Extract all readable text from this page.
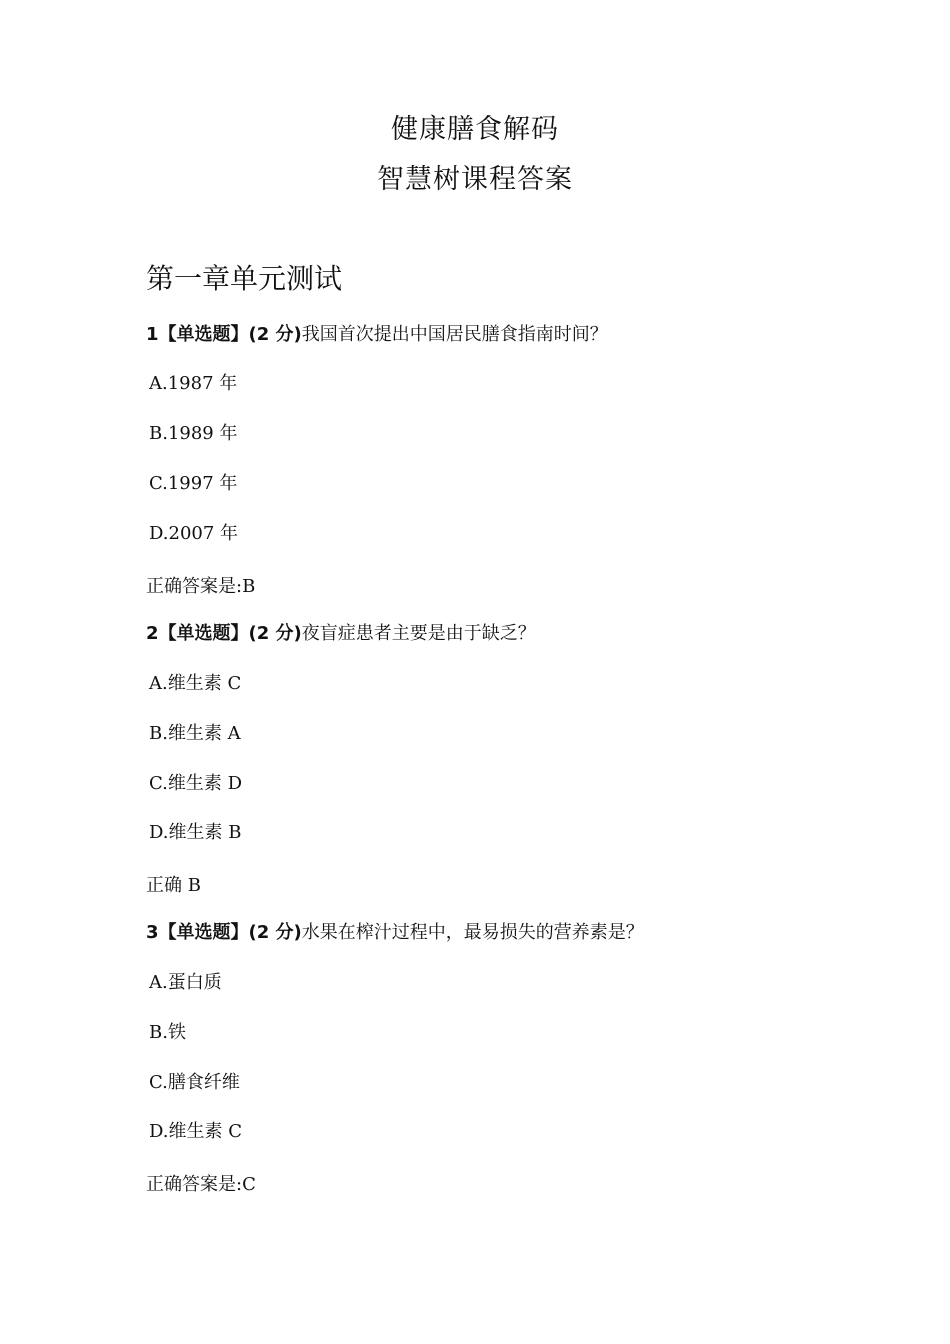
健康膳食解码
智慧树课程答案
第一章单元测试
1【单选题】(2 分)我国首次提出中国居民膳食指南时间？
A.1987 年
B.1989 年
C.1997 年
D.2007 年
正确答案是:B
2【单选题】(2 分)夜盲症患者主要是由于缺乏？
A.维生素 C
B.维生素 A
C.维生素 D
D.维生素 B
正确 B
3【单选题】(2 分)水果在榨汁过程中，最易损失的营养素是？
A.蛋白质
B.铁
C.膳食纤维
D.维生素 C
正确答案是:C
